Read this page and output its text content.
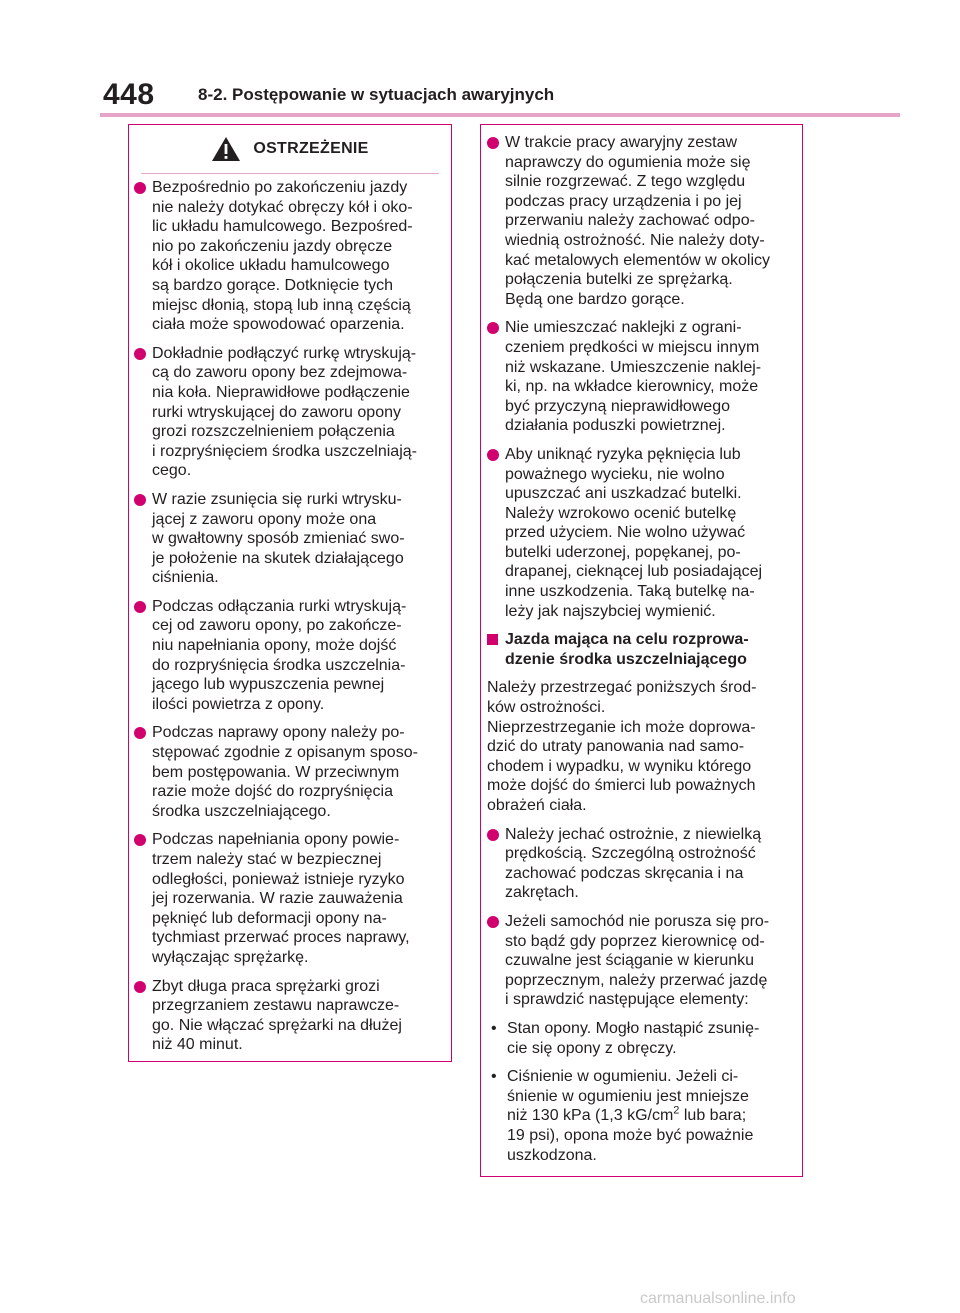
448	8-2. Postępowanie w sytuacjach awaryjnych
OSTRZEŻENIE
Bezpośrednio po zakończeniu jazdy
nie należy dotykać obręczy kół i oko-
lic układu hamulcowego. Bezpośred-
nio po zakończeniu jazdy obręcze
kół i okolice układu hamulcowego
są bardzo gorące. Dotknięcie tych
miejsc dłonią, stopą lub inną częścią
ciała może spowodować oparzenia.
Dokładnie podłączyć rurkę wtryskują-
cą do zaworu opony bez zdejmowa-
nia koła. Nieprawidłowe podłączenie
rurki wtryskującej do zaworu opony
grozi rozszczelnieniem połączenia
i rozpryśnięciem środka uszczelniają-
cego.
W razie zsunięcia się rurki wtrysku-
jącej z zaworu opony może ona
w gwałtowny sposób zmieniać swo-
je położenie na skutek działającego
ciśnienia.
Podczas odłączania rurki wtryskują-
cej od zaworu opony, po zakończe-
niu napełniania opony, może dojść
do rozpryśnięcia środka uszczelnia-
jącego lub wypuszczenia pewnej
ilości powietrza z opony.
Podczas naprawy opony należy po-
stępować zgodnie z opisanym sposo-
bem postępowania. W przeciwnym
razie może dojść do rozpryśnięcia
środka uszczelniającego.
Podczas napełniania opony powie-
trzem należy stać w bezpiecznej
odległości, ponieważ istnieje ryzyko
jej rozerwania. W razie zauważenia
pęknięć lub deformacji opony na-
tychmiast przerwać proces naprawy,
wyłączając sprężarkę.
Zbyt długa praca sprężarki grozi
przegrzaniem zestawu naprawcze-
go. Nie włączać sprężarki na dłużej
niż 40 minut.
W trakcie pracy awaryjny zestaw
naprawczy do ogumienia może się
silnie rozgrzewać. Z tego względu
podczas pracy urządzenia i po jej
przerwaniu należy zachować odpo-
wiednią ostrożność. Nie należy doty-
kać metalowych elementów w okolicy
połączenia butelki ze sprężarką.
Będą one bardzo gorące.
Nie umieszczać naklejki z ograni-
czeniem prędkości w miejscu innym
niż wskazane. Umieszczenie naklej-
ki, np. na wkładce kierownicy, może
być przyczyną nieprawidłowego
działania poduszki powietrznej.
Aby uniknąć ryzyka pęknięcia lub
poważnego wycieku, nie wolno
upuszczać ani uszkadzać butelki.
Należy wzrokowo ocenić butelkę
przed użyciem. Nie wolno używać
butelki uderzonej, popękanej, po-
drapanej, cieknącej lub posiadającej
inne uszkodzenia. Taką butelkę na-
leży jak najszybciej wymienić.
Jazda mająca na celu rozprowa-
dzenie środka uszczelniającego
Należy przestrzegać poniższych środ-
ków ostrożności.
Nieprzestrzeganie ich może doprowa-
dzić do utraty panowania nad samo-
chodem i wypadku, w wyniku którego
może dojść do śmierci lub poważnych
obrażeń ciała.
Należy jechać ostrożnie, z niewielką
prędkością. Szczególną ostrożność
zachować podczas skręcania i na
zakrętach.
Jeżeli samochód nie porusza się pro-
sto bądź gdy poprzez kierownicę od-
czuwalne jest ściąganie w kierunku
poprzecznym, należy przerwać jazdę
i sprawdzić następujące elementy:
• Stan opony. Mogło nastąpić zsunię-
cie się opony z obręczy.
• Ciśnienie w ogumieniu. Jeżeli ci-
śnienie w ogumieniu jest mniejsze
niż 130 kPa (1,3 $kG/cm^2$ lub bara;
19 psi), opona może być poważnie
uszkodzona.
carmanualsonline.info
